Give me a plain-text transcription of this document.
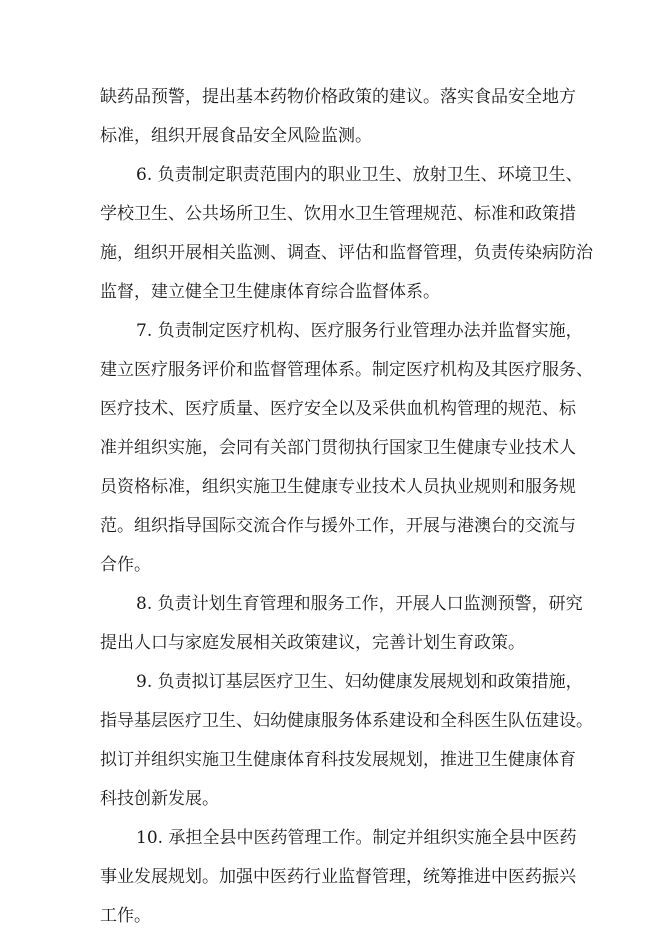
缺药品预警，提出基本药物价格政策的建议。落实食品安全地方
标准，组织开展食品安全风险监测。
6. 负责制定职责范围内的职业卫生、放射卫生、环境卫生、
学校卫生、公共场所卫生、饮用水卫生管理规范、标准和政策措
施，组织开展相关监测、调查、评估和监督管理，负责传染病防治
监督，建立健全卫生健康体育综合监督体系。
7. 负责制定医疗机构、医疗服务行业管理办法并监督实施，
建立医疗服务评价和监督管理体系。制定医疗机构及其医疗服务、
医疗技术、医疗质量、医疗安全以及采供血机构管理的规范、标
准并组织实施，会同有关部门贯彻执行国家卫生健康专业技术人
员资格标准，组织实施卫生健康专业技术人员执业规则和服务规
范。组织指导国际交流合作与援外工作，开展与港澳台的交流与
合作。
8. 负责计划生育管理和服务工作，开展人口监测预警，研究
提出人口与家庭发展相关政策建议，完善计划生育政策。
9. 负责拟订基层医疗卫生、妇幼健康发展规划和政策措施，
指导基层医疗卫生、妇幼健康服务体系建设和全科医生队伍建设。
拟订并组织实施卫生健康体育科技发展规划，推进卫生健康体育
科技创新发展。
10. 承担全县中医药管理工作。制定并组织实施全县中医药
事业发展规划。加强中医药行业监督管理，统筹推进中医药振兴
工作。
